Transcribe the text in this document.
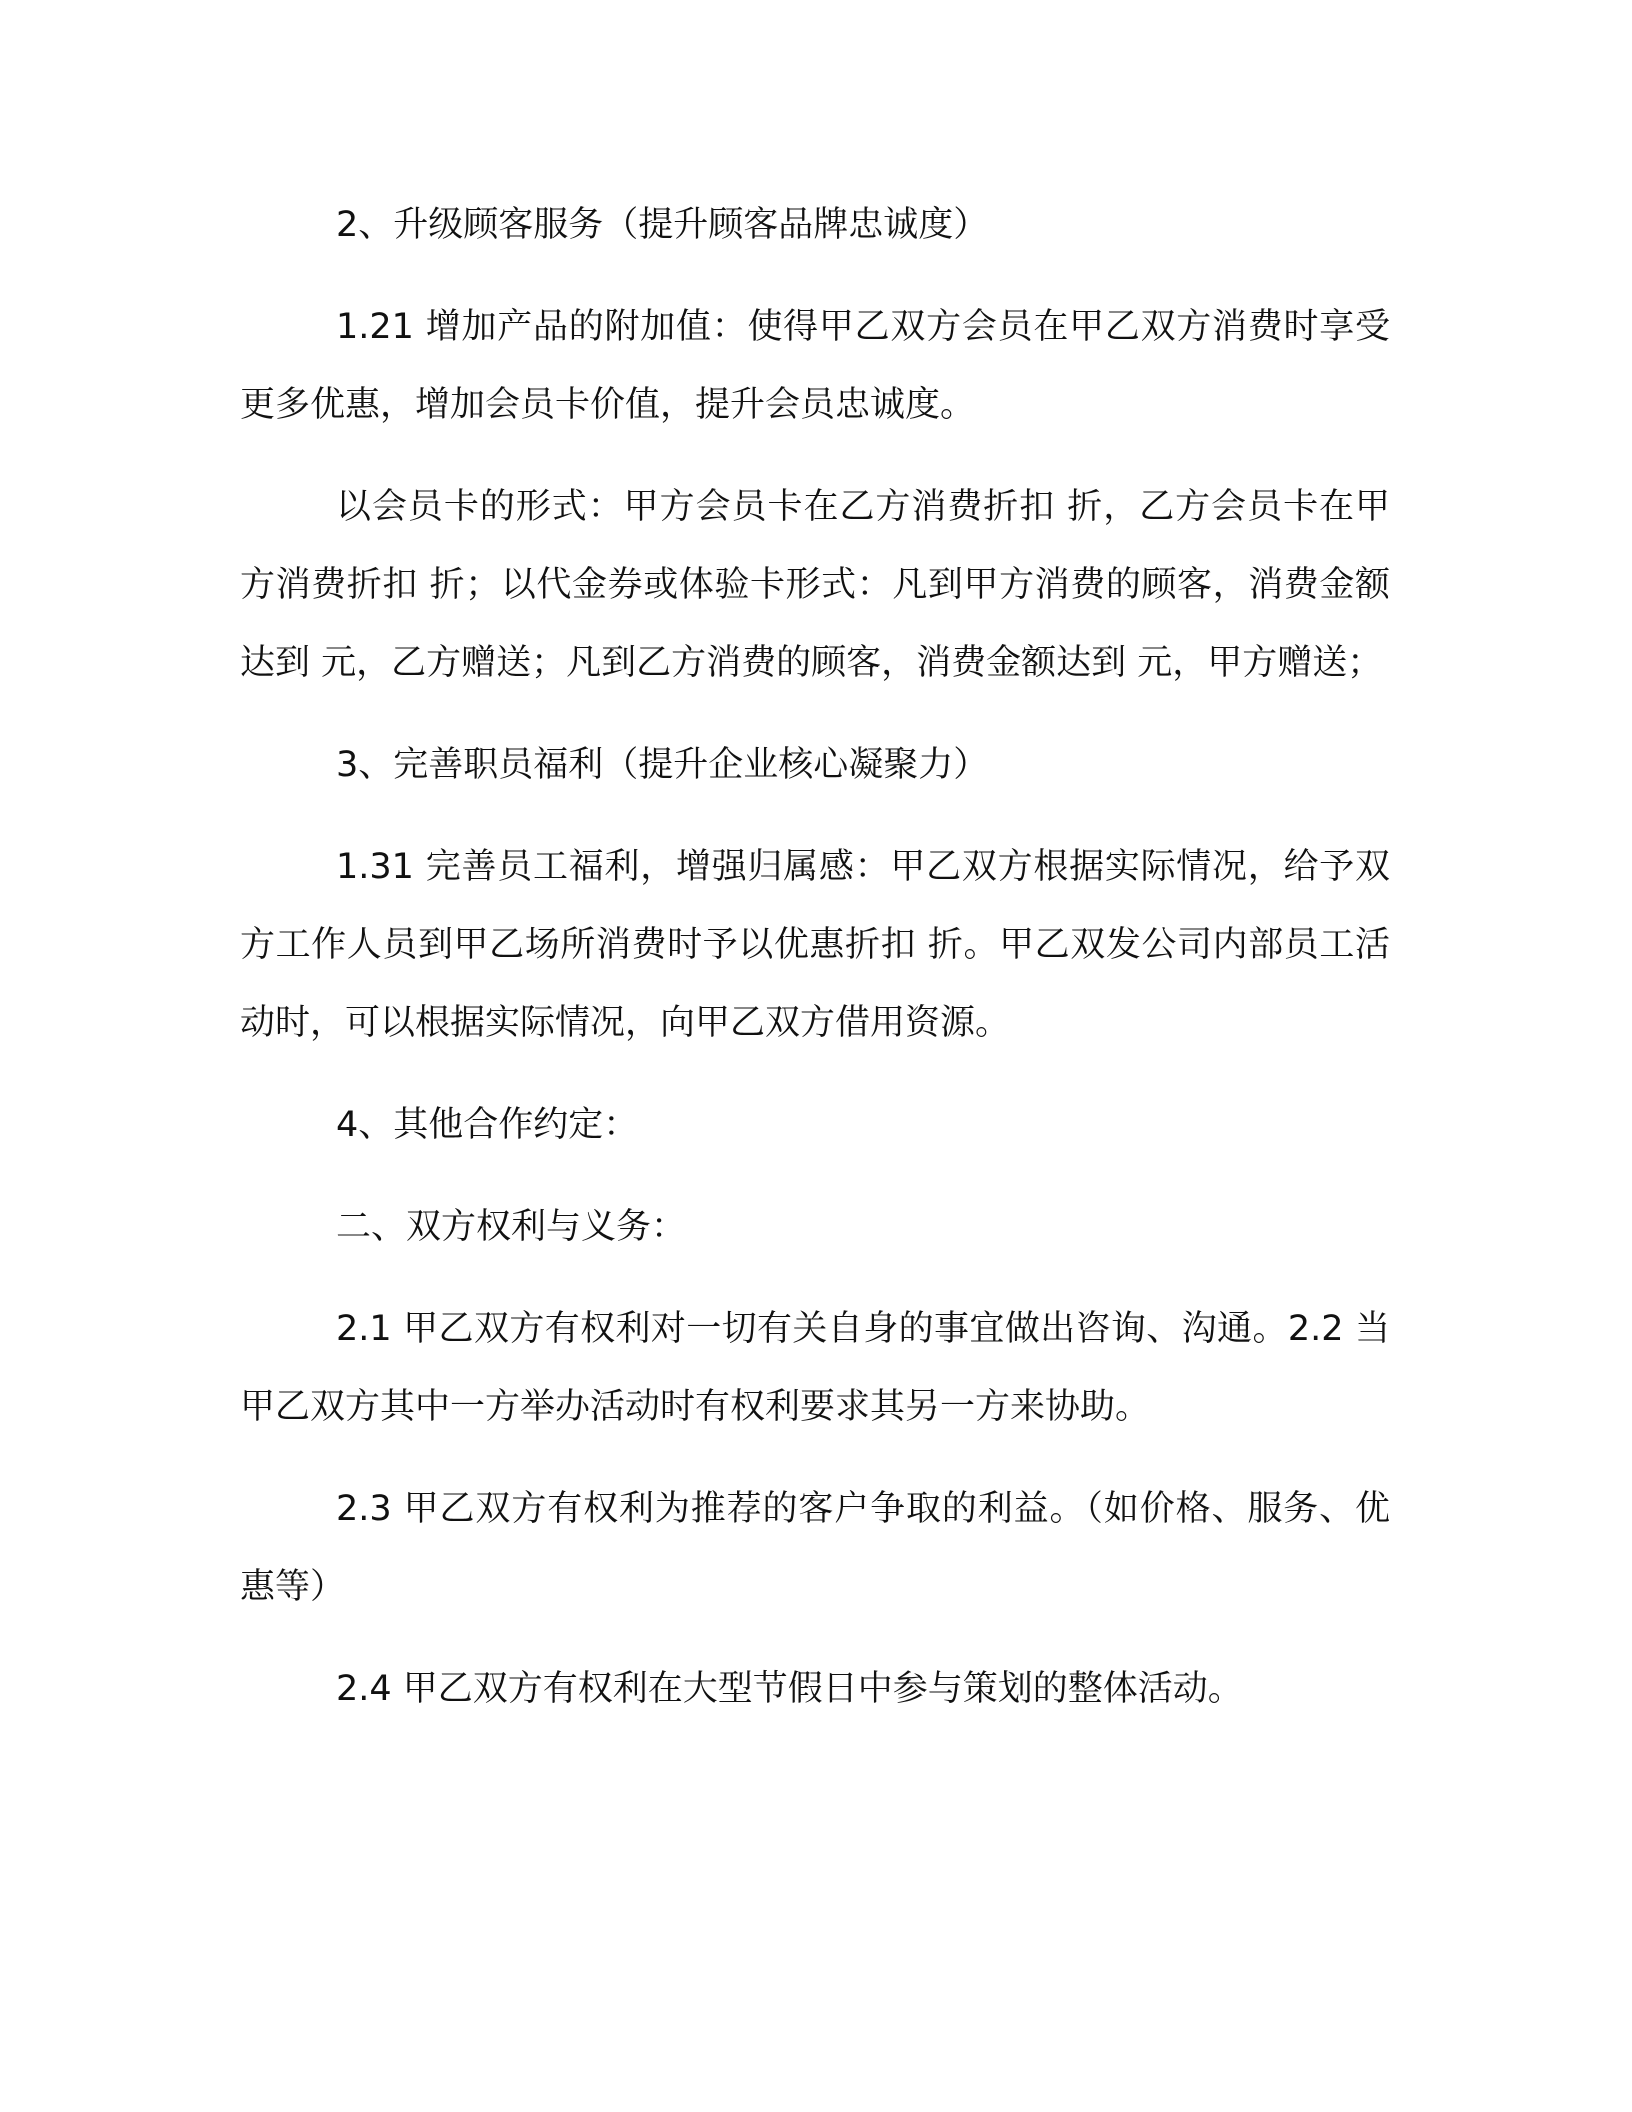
2、升级顾客服务（提升顾客品牌忠诚度）

1.21 增加产品的附加值：使得甲乙双方会员在甲乙双方消费时享受更多优惠，增加会员卡价值，提升会员忠诚度。

以会员卡的形式：甲方会员卡在乙方消费折扣 折，乙方会员卡在甲方消费折扣 折；以代金券或体验卡形式：凡到甲方消费的顾客，消费金额达到 元，乙方赠送；凡到乙方消费的顾客，消费金额达到 元，甲方赠送；

3、完善职员福利（提升企业核心凝聚力）

1.31 完善员工福利，增强归属感：甲乙双方根据实际情况，给予双方工作人员到甲乙场所消费时予以优惠折扣 折。甲乙双发公司内部员工活动时，可以根据实际情况，向甲乙双方借用资源。

4、其他合作约定：

二、双方权利与义务：

2.1 甲乙双方有权利对一切有关自身的事宜做出咨询、沟通。2.2 当甲乙双方其中一方举办活动时有权利要求其另一方来协助。

2.3 甲乙双方有权利为推荐的客户争取的利益。（如价格、服务、优惠等）

2.4 甲乙双方有权利在大型节假日中参与策划的整体活动。
